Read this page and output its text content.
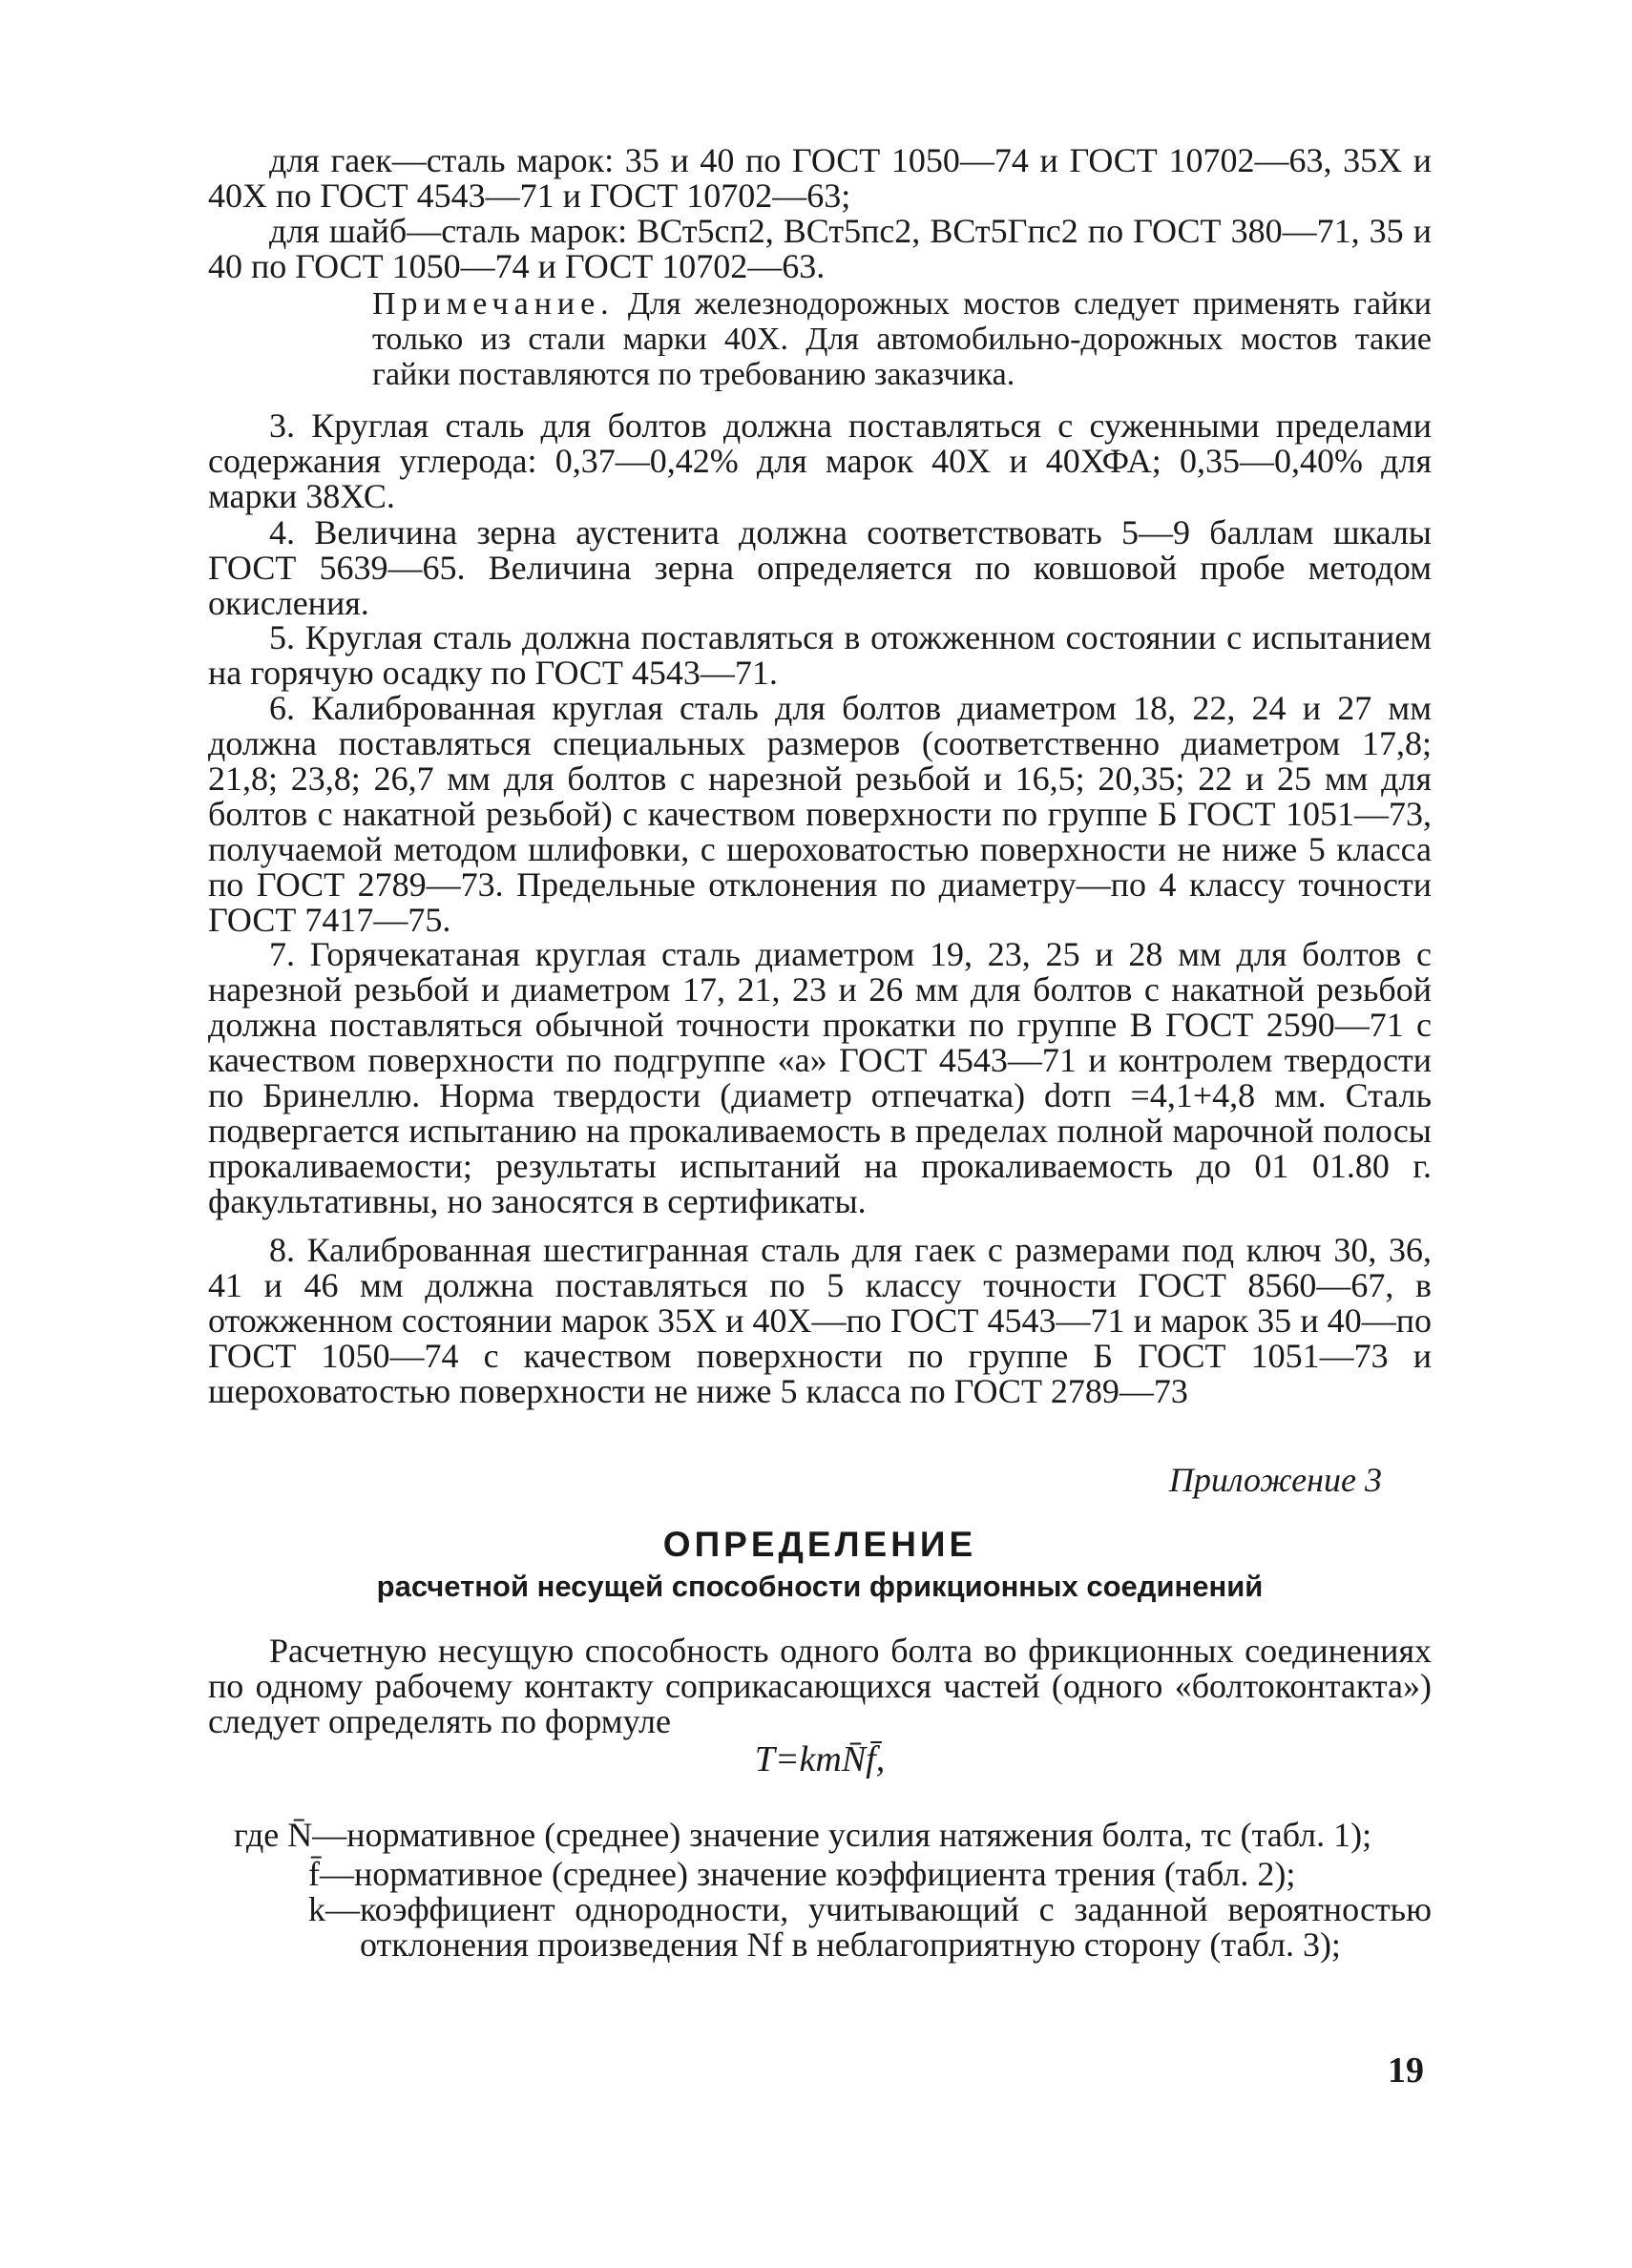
для гаек—сталь марок: 35 и 40 по ГОСТ 1050—74 и ГОСТ 10702—63, 35Х и 40Х по ГОСТ 4543—71 и ГОСТ 10702—63;
для шайб—сталь марок: ВСт5сп2, ВСт5пс2, ВСт5Гпс2 по ГОСТ 380—71, 35 и 40 по ГОСТ 1050—74 и ГОСТ 10702—63.
Примечание. Для железнодорожных мостов следует применять гайки только из стали марки 40Х. Для автомобильно-дорожных мостов такие гайки поставляются по требованию заказчика.
3. Круглая сталь для болтов должна поставляться с суженными пределами содержания углерода: 0,37—0,42% для марок 40Х и 40ХФА; 0,35—0,40% для марки 38ХС.
4. Величина зерна аустенита должна соответствовать 5—9 баллам шкалы ГОСТ 5639—65. Величина зерна определяется по ковшовой пробе методом окисления.
5. Круглая сталь должна поставляться в отожженном состоянии с испытанием на горячую осадку по ГОСТ 4543—71.
6. Калиброванная круглая сталь для болтов диаметром 18, 22, 24 и 27 мм должна поставляться специальных размеров (соответственно диаметром 17,8; 21,8; 23,8; 26,7 мм для болтов с нарезной резьбой и 16,5; 20,35; 22 и 25 мм для болтов с накатной резьбой) с качеством поверхности по группе Б ГОСТ 1051—73, получаемой методом шлифовки, с шероховатостью поверхности не ниже 5 класса по ГОСТ 2789—73. Предельные отклонения по диаметру—по 4 классу точности ГОСТ 7417—75.
7. Горячекатаная круглая сталь диаметром 19, 23, 25 и 28 мм для болтов с нарезной резьбой и диаметром 17, 21, 23 и 26 мм для болтов с накатной резьбой должна поставляться обычной точности прокатки по группе В ГОСТ 2590—71 с качеством поверхности по подгруппе «а» ГОСТ 4543—71 и контролем твердости по Бринеллю. Норма твердости (диаметр отпечатка) dотп =4,1+4,8 мм. Сталь подвергается испытанию на прокаливаемость в пределах полной марочной полосы прокаливаемости; результаты испытаний на прокаливаемость до 01 01.80 г. факультативны, но заносятся в сертификаты.
8. Калиброванная шестигранная сталь для гаек с размерами под ключ 30, 36, 41 и 46 мм должна поставляться по 5 классу точности ГОСТ 8560—67, в отожженном состоянии марок 35Х и 40Х—по ГОСТ 4543—71 и марок 35 и 40—по ГОСТ 1050—74 с качеством поверхности по группе Б ГОСТ 1051—73 и шероховатостью поверхности не ниже 5 класса по ГОСТ 2789—73
Приложение 3
ОПРЕДЕЛЕНИЕ
расчетной несущей способности фрикционных соединений
Расчетную несущую способность одного болта во фрикционных соединениях по одному рабочему контакту соприкасающихся частей (одного «болтоконтакта») следует определять по формуле
T=kmN̄f̄,
где N̄— нормативное (среднее) значение усилия натяжения болта, тс (табл. 1);
f̄— нормативное (среднее) значение коэффициента трения (табл. 2);
k— коэффициент однородности, учитывающий с заданной вероятностью отклонения произведения Nf в неблагоприятную сторону (табл. 3);
19
